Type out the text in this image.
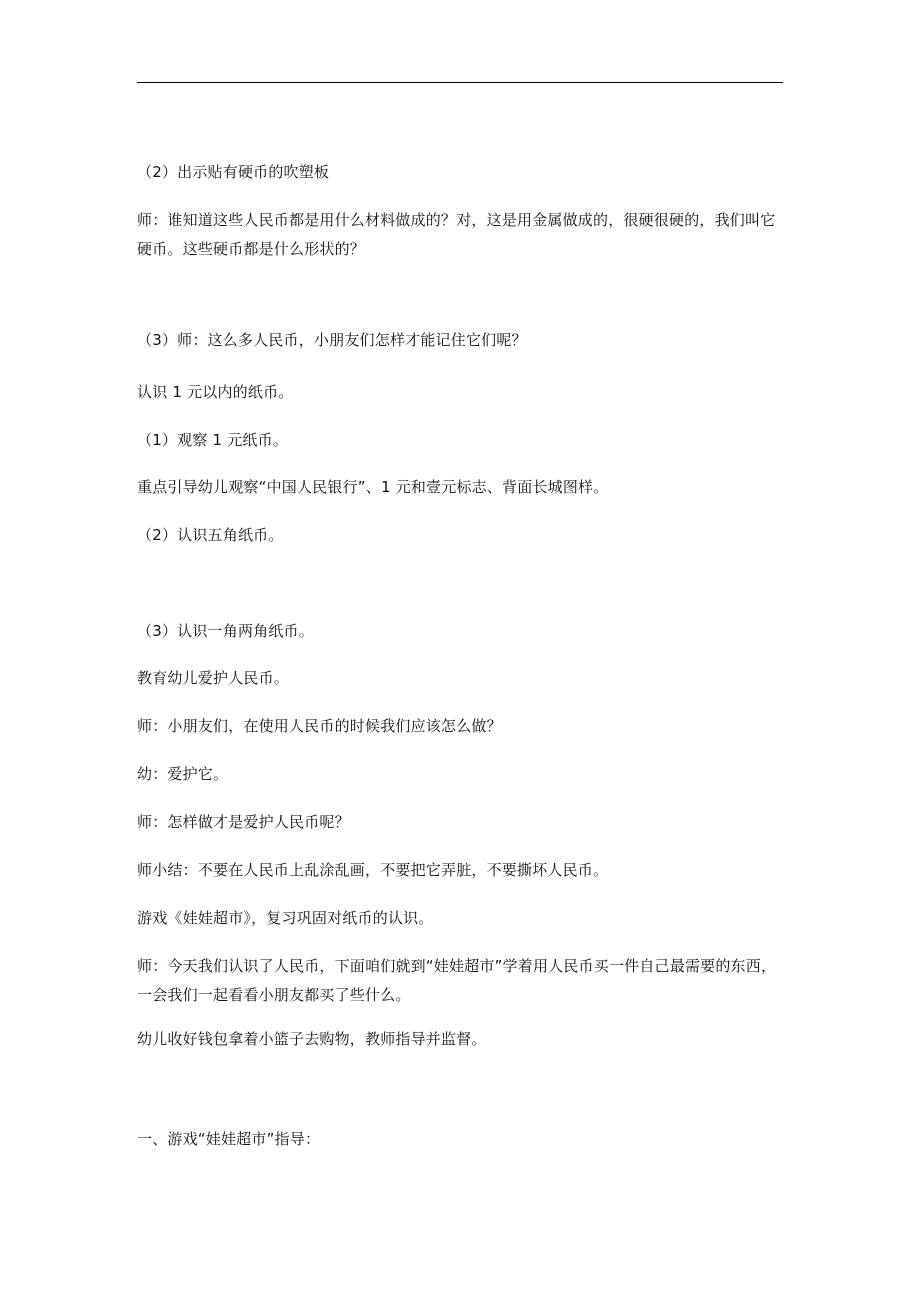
（2）出示贴有硬币的吹塑板
师：谁知道这些人民币都是用什么材料做成的？对，这是用金属做成的，很硬很硬的，我们叫它硬币。这些硬币都是什么形状的？
（3）师：这么多人民币，小朋友们怎样才能记住它们呢？
认识 1 元以内的纸币。
（1）观察 1 元纸币。
重点引导幼儿观察“中国人民银行”、1 元和壹元标志、背面长城图样。
（2）认识五角纸币。
（3）认识一角两角纸币。
教育幼儿爱护人民币。
师：小朋友们，在使用人民币的时候我们应该怎么做？
幼：爱护它。
师：怎样做才是爱护人民币呢？
师小结：不要在人民币上乱涂乱画，不要把它弄脏，不要撕坏人民币。
游戏《娃娃超市》，复习巩固对纸币的认识。
师：今天我们认识了人民币，下面咱们就到“娃娃超市”学着用人民币买一件自己最需要的东西，一会我们一起看看小朋友都买了些什么。
幼儿收好钱包拿着小篮子去购物，教师指导并监督。
一、游戏“娃娃超市”指导：
